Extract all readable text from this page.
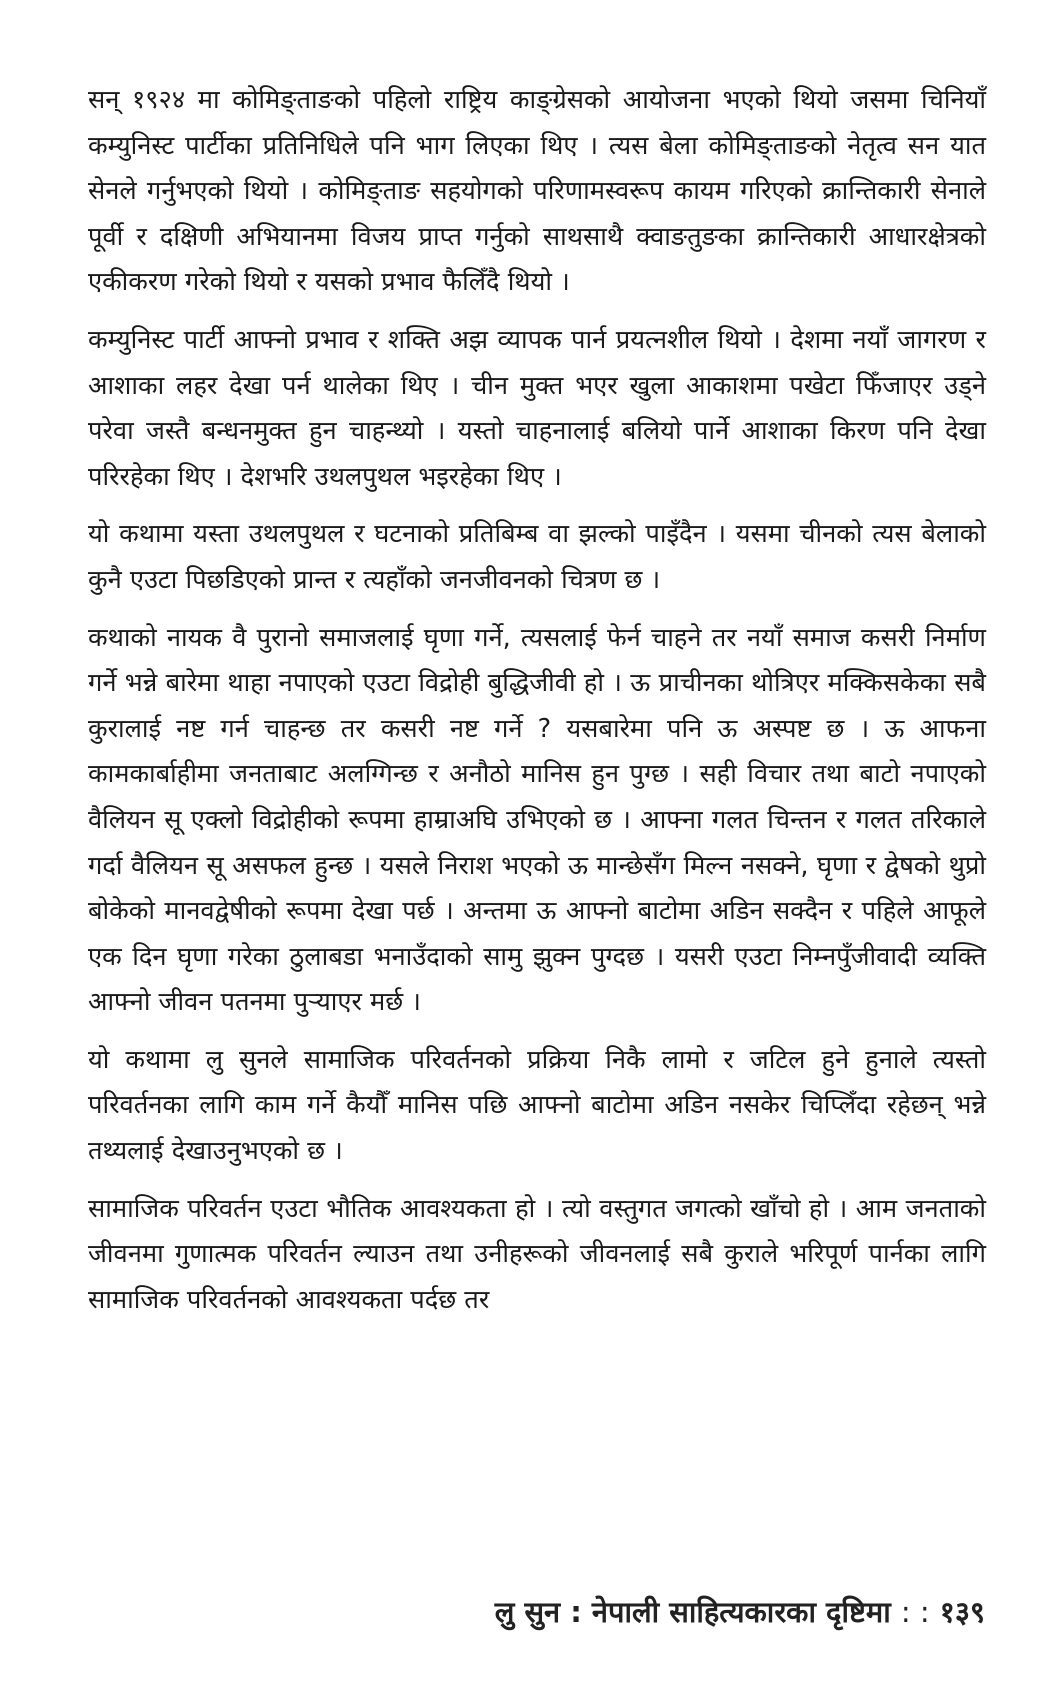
सन् १९२४ मा कोमिङ्ताङको पहिलो राष्ट्रिय काङ्ग्रेसको आयोजना भएको थियो जसमा चिनियाँ कम्युनिस्ट पार्टीका प्रतिनिधिले पनि भाग लिएका थिए । त्यस बेला कोमिङ्ताङको नेतृत्व सन यात सेनले गर्नुभएको थियो । कोमिङ्ताङ सहयोगको परिणामस्वरूप कायम गरिएको क्रान्तिकारी सेनाले पूर्वी र दक्षिणी अभियानमा विजय प्राप्त गर्नुको साथसाथै क्वाङतुङका क्रान्तिकारी आधारक्षेत्रको एकीकरण गरेको थियो र यसको प्रभाव फैलिँदै थियो ।

कम्युनिस्ट पार्टी आफ्नो प्रभाव र शक्ति अझ व्यापक पार्न प्रयत्नशील थियो । देशमा नयाँ जागरण र आशाका लहर देखा पर्न थालेका थिए । चीन मुक्त भएर खुला आकाशमा पखेटा फिँजाएर उड्ने परेवा जस्तै बन्धनमुक्त हुन चाहन्थ्यो । यस्तो चाहनालाई बलियो पार्ने आशाका किरण पनि देखा परिरहेका थिए । देशभरि उथलपुथल भइरहेका थिए ।

यो कथामा यस्ता उथलपुथल र घटनाको प्रतिबिम्ब वा झल्को पाइँदैन । यसमा चीनको त्यस बेलाको कुनै एउटा पिछडिएको प्रान्त र त्यहाँको जनजीवनको चित्रण छ ।

कथाको नायक वै पुरानो समाजलाई घृणा गर्ने, त्यसलाई फेर्न चाहने तर नयाँ समाज कसरी निर्माण गर्ने भन्ने बारेमा थाहा नपाएको एउटा विद्रोही बुद्धिजीवी हो । ऊ प्राचीनका थोत्रिएर मक्किसकेका सबै कुरालाई नष्ट गर्न चाहन्छ तर कसरी नष्ट गर्ने ? यसबारेमा पनि ऊ अस्पष्ट छ । ऊ आफना कामकार्बाहीमा जनताबाट अलग्गिन्छ र अनौठो मानिस हुन पुग्छ । सही विचार तथा बाटो नपाएको वैलियन सू एक्लो विद्रोहीको रूपमा हाम्राअघि उभिएको छ । आफ्ना गलत चिन्तन र गलत तरिकाले गर्दा वैलियन सू असफल हुन्छ । यसले निराश भएको ऊ मान्छेसँग मिल्न नसक्ने, घृणा र द्वेषको थुप्रो बोकेको मानवद्वेषीको रूपमा देखा पर्छ । अन्तमा ऊ आफ्नो बाटोमा अडिन सक्दैन र पहिले आफूले एक दिन घृणा गरेका ठुलाबडा भनाउँदाको सामु झुक्न पुग्दछ । यसरी एउटा निम्नपुँजीवादी व्यक्ति आफ्नो जीवन पतनमा पुऱ्याएर मर्छ ।

यो कथामा लु सुनले सामाजिक परिवर्तनको प्रक्रिया निकै लामो र जटिल हुने हुनाले त्यस्तो परिवर्तनका लागि काम गर्ने कैयौँ मानिस पछि आफ्नो बाटोमा अडिन नसकेर चिप्लिँदा रहेछन् भन्ने तथ्यलाई देखाउनुभएको छ ।

सामाजिक परिवर्तन एउटा भौतिक आवश्यकता हो । त्यो वस्तुगत जगत्को खाँचो हो । आम जनताको जीवनमा गुणात्मक परिवर्तन ल्याउन तथा उनीहरूको जीवनलाई सबै कुराले भरिपूर्ण पार्नका लागि सामाजिक परिवर्तनको आवश्यकता पर्दछ तर

लु सुन : नेपाली साहित्यकारका दृष्टिमा : : १३९
